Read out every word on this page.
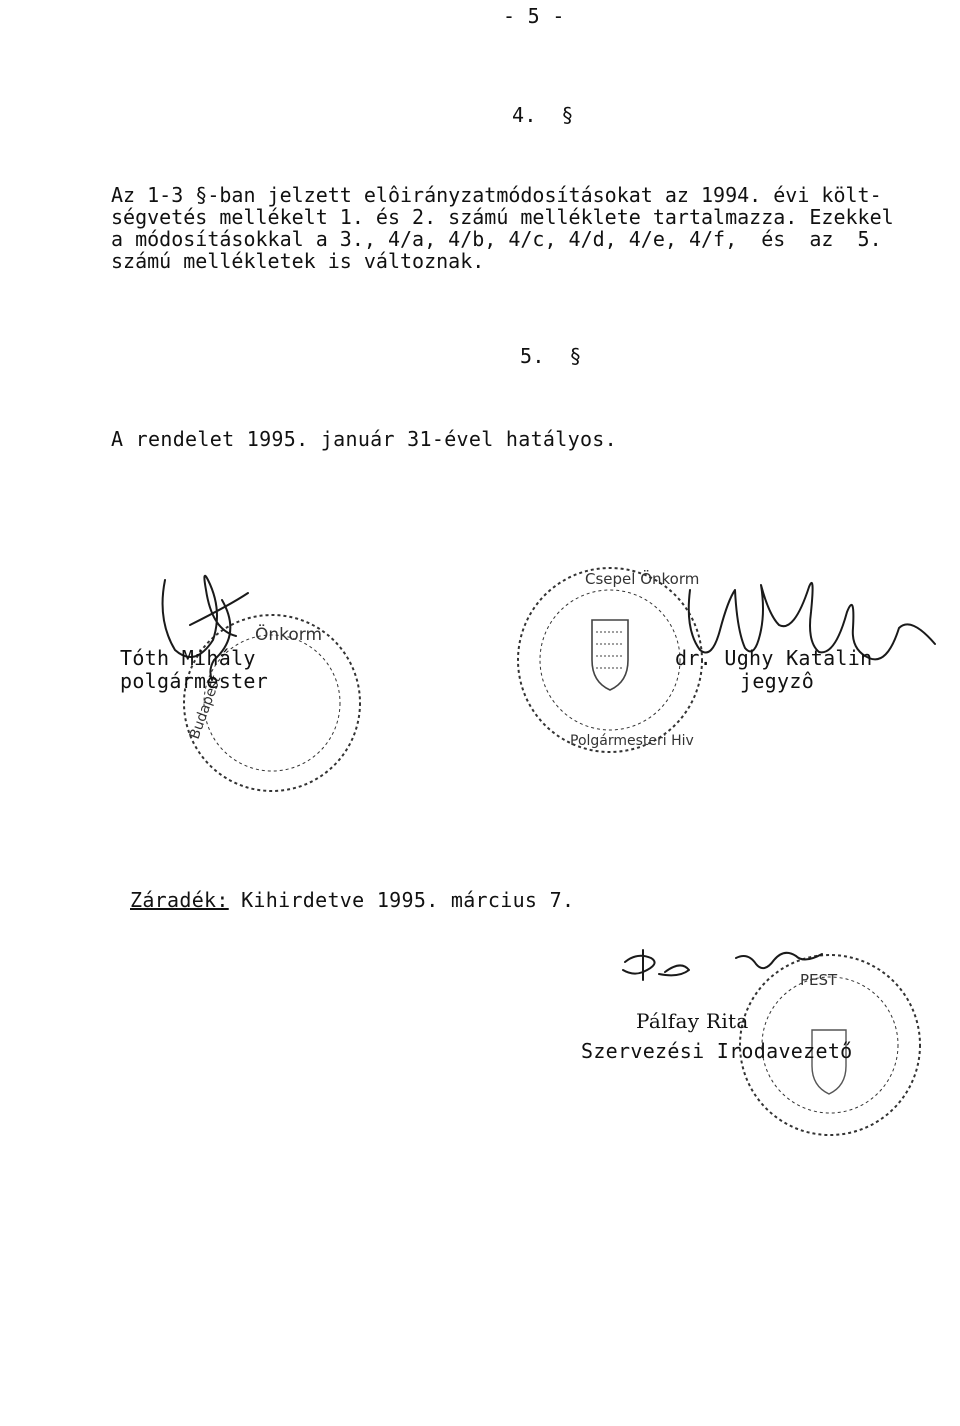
- 5 -
4.  §
Az 1-3 §-ban jelzett elôirányzatmódosításokat az 1994. évi költ-
ségvetés mellékelt 1. és 2. számú melléklete tartalmazza. Ezekkel
a módosításokkal a 3., 4/a, 4/b, 4/c, 4/d, 4/e, 4/f,  és  az  5.
számú mellékletek is változnak.
5.  §
A rendelet 1995. január 31-ével hatályos.
Önkorm
Budapest
Csepel Önkorm
Polgármesteri Hiv
PEST
Tóth Mihály
polgármester
dr. Ughy Katalin
jegyzô
Záradék: Kihirdetve 1995. március 7.
Pálfay Rita
Szervezési Irodavezető
